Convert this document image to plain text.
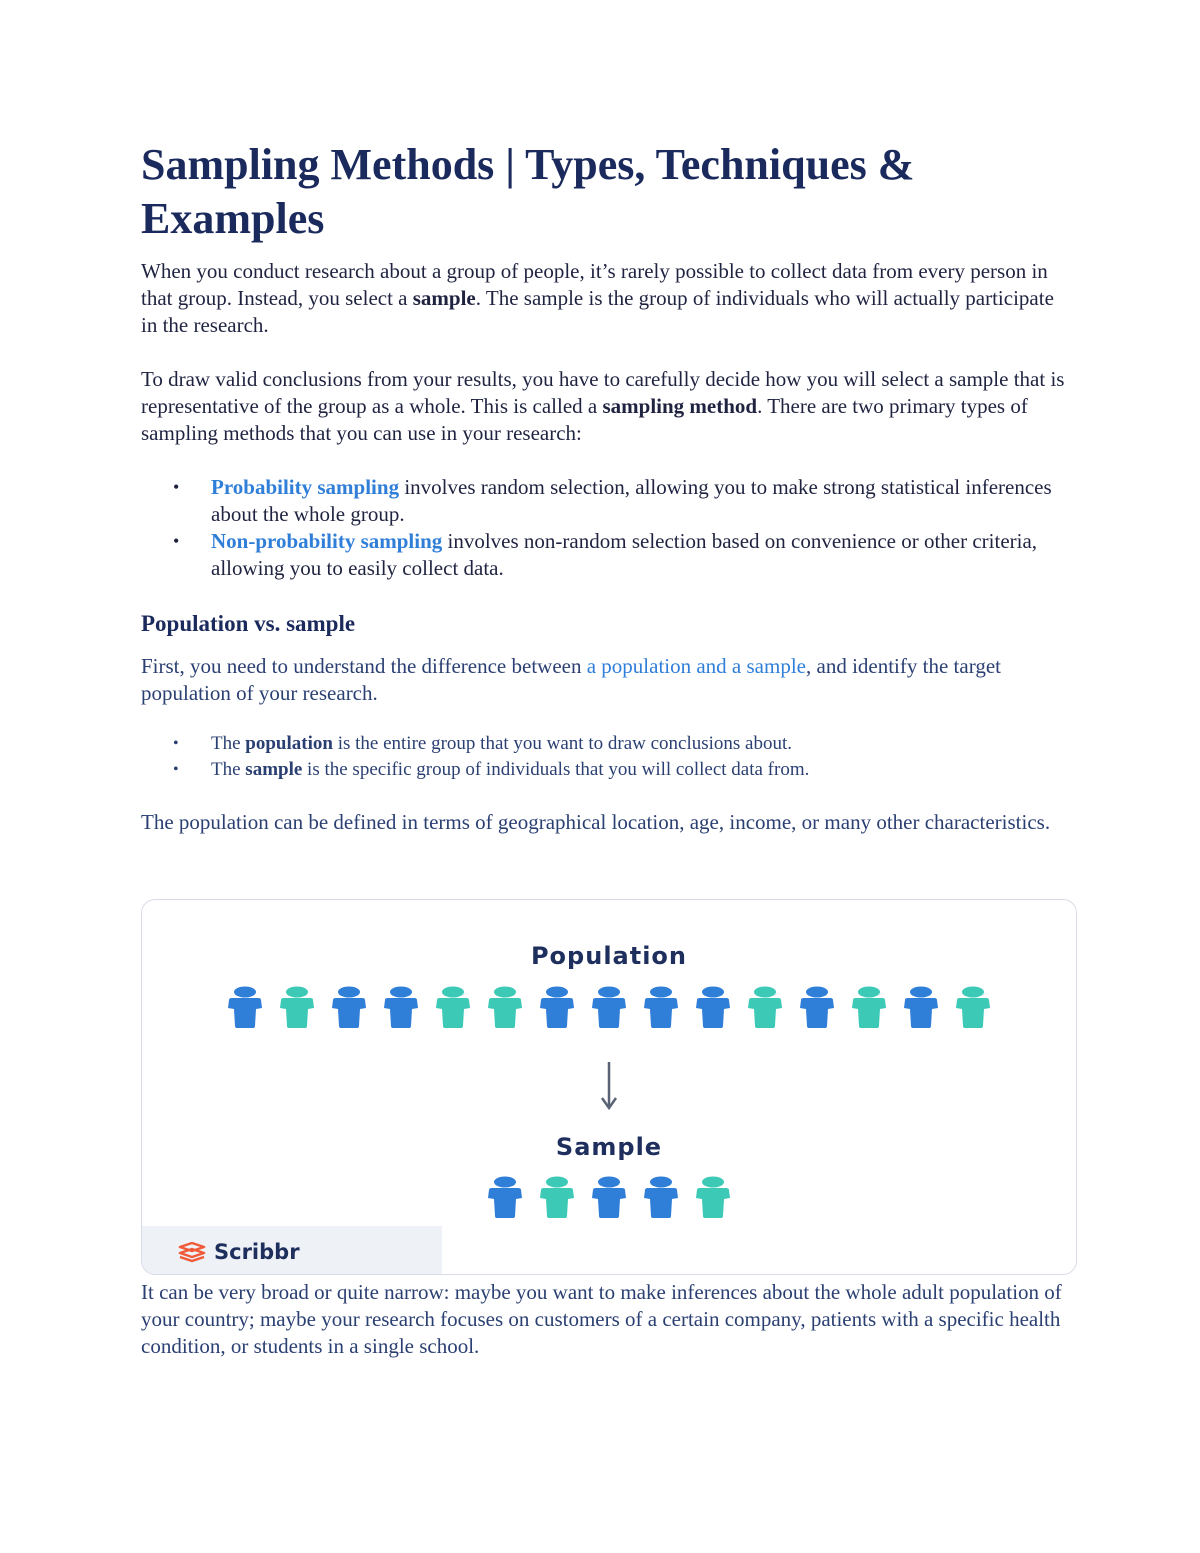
Sampling Methods | Types, Techniques & Examples

When you conduct research about a group of people, it’s rarely possible to collect data from every person in that group. Instead, you select a sample. The sample is the group of individuals who will actually participate in the research.

To draw valid conclusions from your results, you have to carefully decide how you will select a sample that is representative of the group as a whole. This is called a sampling method. There are two primary types of sampling methods that you can use in your research:

• Probability sampling involves random selection, allowing you to make strong statistical inferences about the whole group.
• Non-probability sampling involves non-random selection based on convenience or other criteria, allowing you to easily collect data.
Population vs. sample

First, you need to understand the difference between a population and a sample, and identify the target population of your research.

• The population is the entire group that you want to draw conclusions about.
• The sample is the specific group of individuals that you will collect data from.

The population can be defined in terms of geographical location, age, income, or many other characteristics.

Population
Sample
Scribbr

It can be very broad or quite narrow: maybe you want to make inferences about the whole adult population of your country; maybe your research focuses on customers of a certain company, patients with a specific health condition, or students in a single school.
